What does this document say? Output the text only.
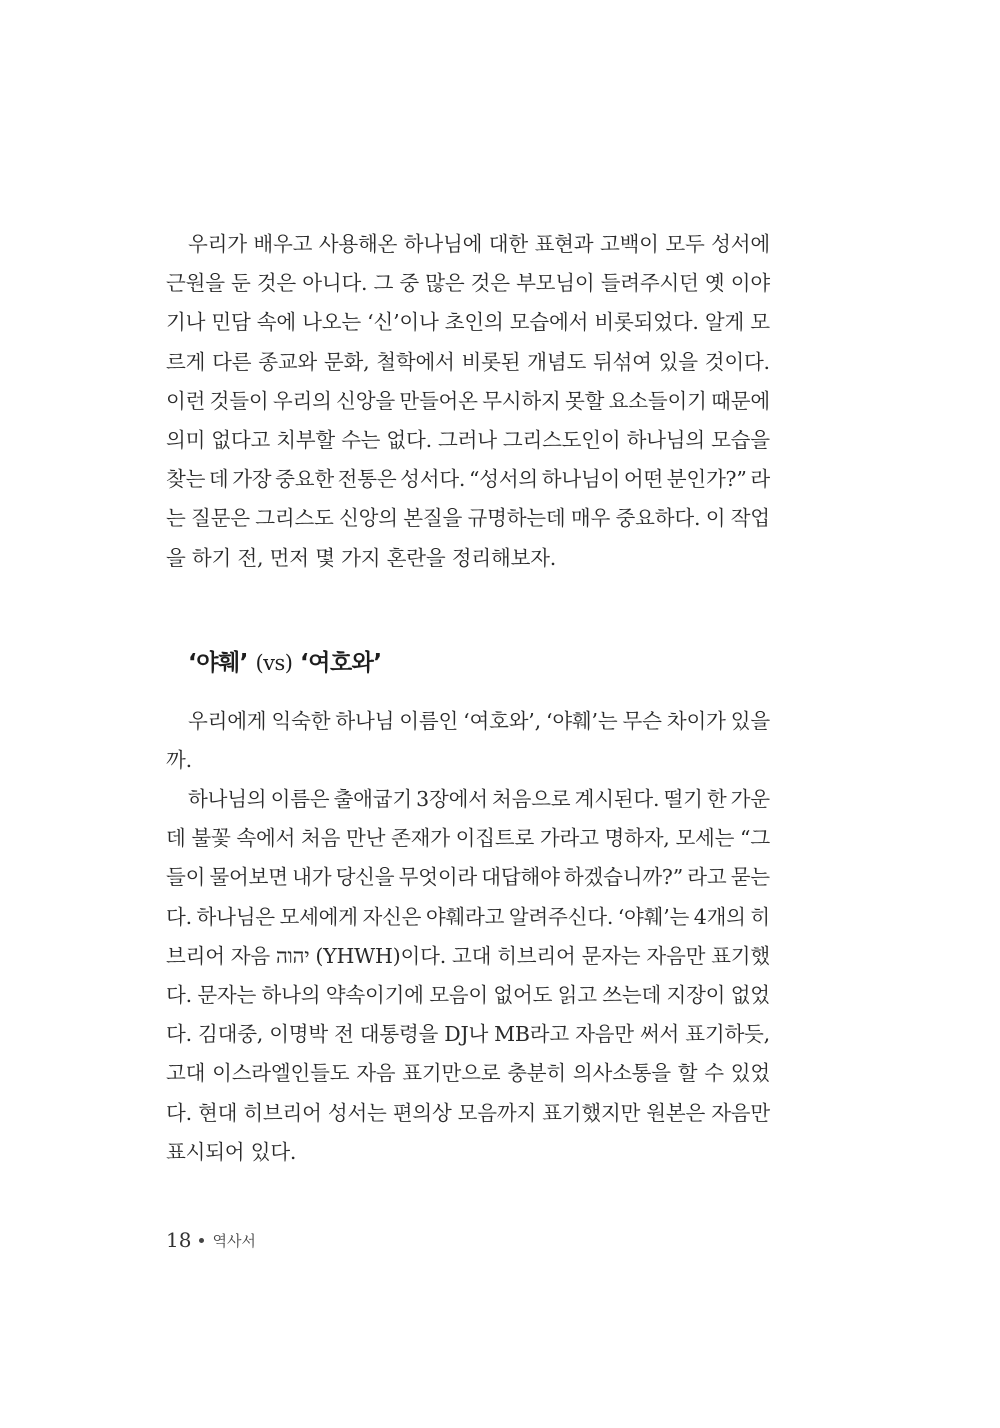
우리가 배우고 사용해온 하나님에 대한 표현과 고백이 모두 성서에
근원을 둔 것은 아니다. 그 중 많은 것은 부모님이 들려주시던 옛 이야
기나 민담 속에 나오는 ‘신’이나 초인의 모습에서 비롯되었다. 알게 모
르게 다른 종교와 문화, 철학에서 비롯된 개념도 뒤섞여 있을 것이다.
이런 것들이 우리의 신앙을 만들어온 무시하지 못할 요소들이기 때문에
의미 없다고 치부할 수는 없다. 그러나 그리스도인이 하나님의 모습을
찾는 데 가장 중요한 전통은 성서다. “성서의 하나님이 어떤 분인가?” 라
는 질문은 그리스도 신앙의 본질을 규명하는데 매우 중요하다. 이 작업
을 하기 전, 먼저 몇 가지 혼란을 정리해보자.
‘야훼’ (vs) ‘여호와’
우리에게 익숙한 하나님 이름인 ‘여호와’, ‘야훼’는 무슨 차이가 있을
까.
하나님의 이름은 출애굽기 3장에서 처음으로 계시된다. 떨기 한 가운
데 불꽃 속에서 처음 만난 존재가 이집트로 가라고 명하자, 모세는 “그
들이 물어보면 내가 당신을 무엇이라 대답해야 하겠습니까?” 라고 묻는
다. 하나님은 모세에게 자신은 야훼라고 알려주신다. ‘야훼’는 4개의 히
브리어 자음 יהוה (YHWH)이다. 고대 히브리어 문자는 자음만 표기했
다. 문자는 하나의 약속이기에 모음이 없어도 읽고 쓰는데 지장이 없었
다. 김대중, 이명박 전 대통령을 DJ나 MB라고 자음만 써서 표기하듯,
고대 이스라엘인들도 자음 표기만으로 충분히 의사소통을 할 수 있었
다. 현대 히브리어 성서는 편의상 모음까지 표기했지만 원본은 자음만
표시되어 있다.
18 역사서
